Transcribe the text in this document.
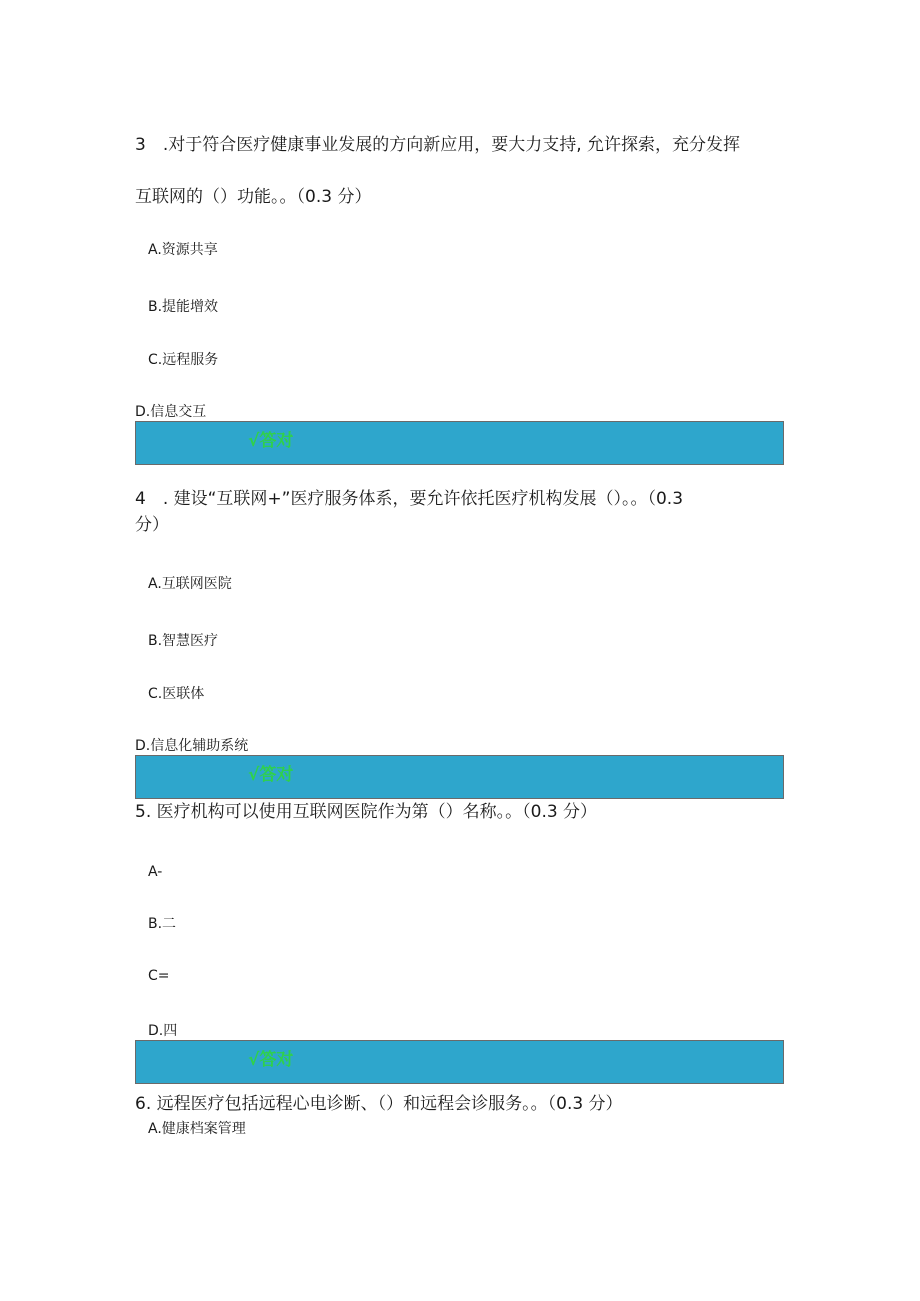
3　.对于符合医疗健康事业发展的方向新应用，要大力支持, 允许探索，充分发挥
互联网的（）功能。。（0.3 分）
A.资源共享
B.提能增效
C.远程服务
D.信息交互
√答对
4　. 建设“互联网+”医疗服务体系，要允许依托医疗机构发展（）。。（0.3
分）
A.互联网医院
B.智慧医疗
C.医联体
D.信息化辅助系统
√答对
5. 医疗机构可以使用互联网医院作为第（）名称。。（0.3 分）
A-
B.二
C=
D.四
√答对
6. 远程医疗包括远程心电诊断、（）和远程会诊服务。。（0.3 分）
A.健康档案管理
